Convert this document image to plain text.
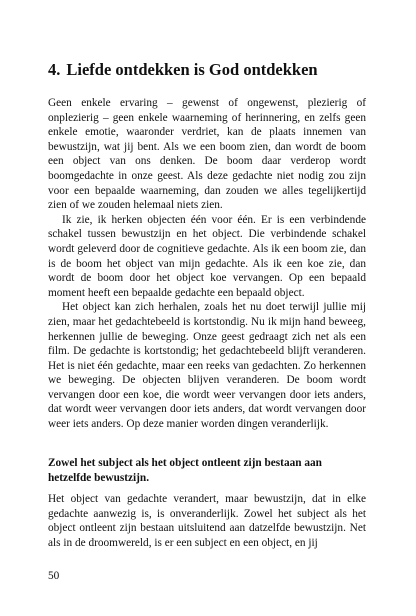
4. Liefde ontdekken is God ontdekken

Geen enkele ervaring – gewenst of ongewenst, plezierig of onplezierig – geen enkele waarneming of herinnering, en zelfs geen enkele emotie, waaronder verdriet, kan de plaats innemen van bewustzijn, wat jij bent. Als we een boom zien, dan wordt de boom een object van ons denken. De boom daar verderop wordt boomgedachte in onze geest. Als deze gedachte niet nodig zou zijn voor een bepaalde waarneming, dan zouden we alles tegelijkertijd zien of we zouden helemaal niets zien.

Ik zie, ik herken objecten één voor één. Er is een verbindende schakel tussen bewustzijn en het object. Die verbindende schakel wordt geleverd door de cognitieve gedachte. Als ik een boom zie, dan is de boom het object van mijn gedachte. Als ik een koe zie, dan wordt de boom door het object koe vervangen. Op een bepaald moment heeft een bepaalde gedachte een bepaald object.

Het object kan zich herhalen, zoals het nu doet terwijl jullie mij zien, maar het gedachtebeeld is kortstondig. Nu ik mijn hand beweeg, herkennen jullie de beweging. Onze geest gedraagt zich net als een film. De gedachte is kortstondig; het gedachtebeeld blijft veranderen. Het is niet één gedachte, maar een reeks van gedachten. Zo herkennen we beweging. De objecten blijven veranderen. De boom wordt vervangen door een koe, die wordt weer vervangen door iets anders, dat wordt weer vervangen door iets anders, dat wordt vervangen door weer iets anders. Op deze manier worden dingen veranderlijk.

Zowel het subject als het object ontleent zijn bestaan aan hetzelfde bewustzijn.

Het object van gedachte verandert, maar bewustzijn, dat in elke gedachte aanwezig is, is onveranderlijk. Zowel het subject als het object ontleent zijn bestaan uitsluitend aan datzelfde bewustzijn. Net als in de droomwereld, is er een subject en een object, en jij

50
